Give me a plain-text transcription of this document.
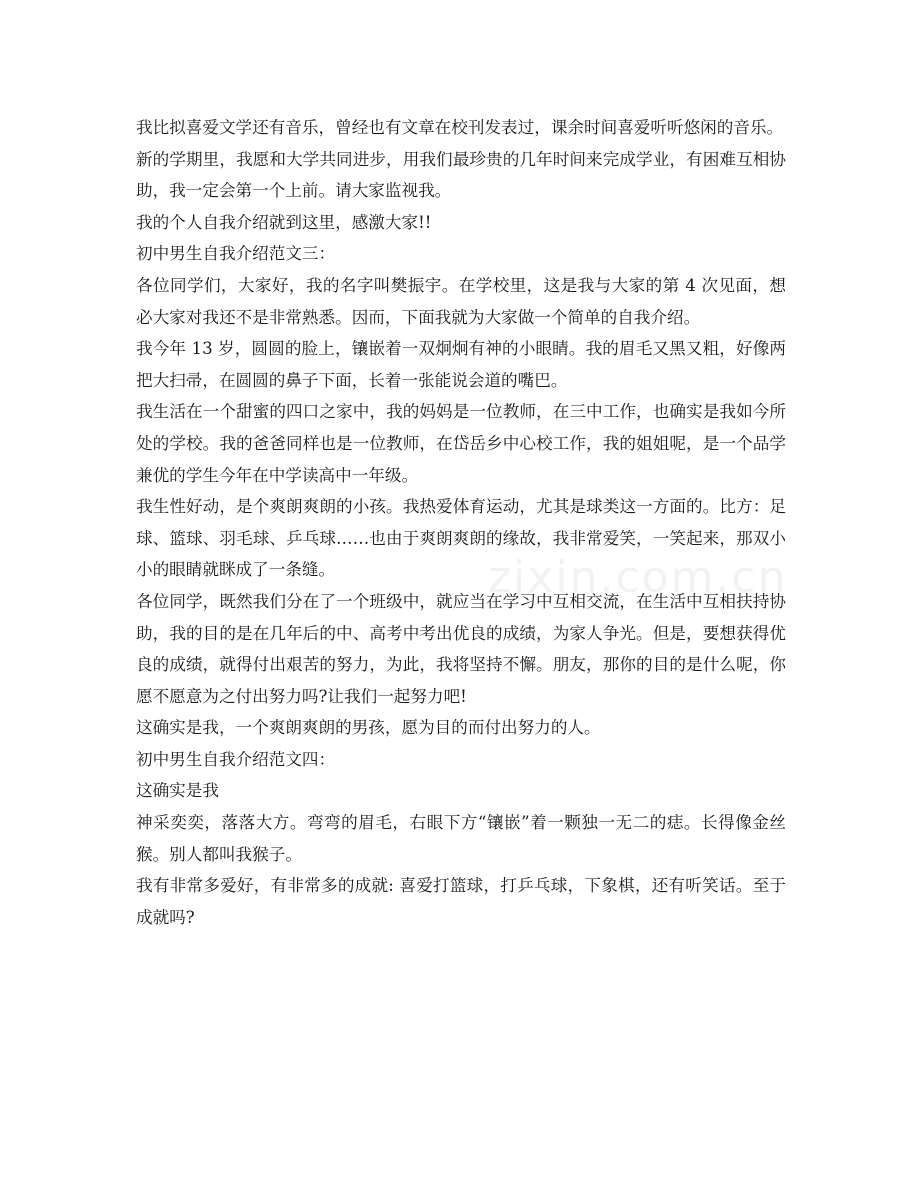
我比拟喜爱文学还有音乐，曾经也有文章在校刊发表过，课余时间喜爱听听悠闲的音乐。

新的学期里，我愿和大学共同进步，用我们最珍贵的几年时间来完成学业，有困难互相协助，我一定会第一个上前。请大家监视我。

我的个人自我介绍就到这里，感激大家!!

初中男生自我介绍范文三：

各位同学们，大家好，我的名字叫樊振宇。在学校里，这是我与大家的第 4 次见面，想必大家对我还不是非常熟悉。因而，下面我就为大家做一个简单的自我介绍。

我今年 13 岁，圆圆的脸上，镶嵌着一双炯炯有神的小眼睛。我的眉毛又黑又粗，好像两把大扫帚，在圆圆的鼻子下面，长着一张能说会道的嘴巴。

我生活在一个甜蜜的四口之家中，我的妈妈是一位教师，在三中工作，也确实是我如今所处的学校。我的爸爸同样也是一位教师，在岱岳乡中心校工作，我的姐姐呢，是一个品学兼优的学生今年在中学读高中一年级。

我生性好动，是个爽朗爽朗的小孩。我热爱体育运动，尤其是球类这一方面的。比方：足球、篮球、羽毛球、乒乓球……也由于爽朗爽朗的缘故，我非常爱笑，一笑起来，那双小小的眼睛就眯成了一条缝。

各位同学，既然我们分在了一个班级中，就应当在学习中互相交流，在生活中互相扶持协助，我的目的是在几年后的中、高考中考出优良的成绩，为家人争光。但是，要想获得优良的成绩，就得付出艰苦的努力，为此，我将坚持不懈。朋友，那你的目的是什么呢，你愿不愿意为之付出努力吗?让我们一起努力吧!

这确实是我，一个爽朗爽朗的男孩，愿为目的而付出努力的人。

初中男生自我介绍范文四：

这确实是我

神采奕奕，落落大方。弯弯的眉毛，右眼下方“镶嵌”着一颗独一无二的痣。长得像金丝猴。别人都叫我猴子。

我有非常多爱好，有非常多的成就: 喜爱打篮球，打乒乓球，下象棋，还有听笑话。至于成就吗?

zixin.com.cn
